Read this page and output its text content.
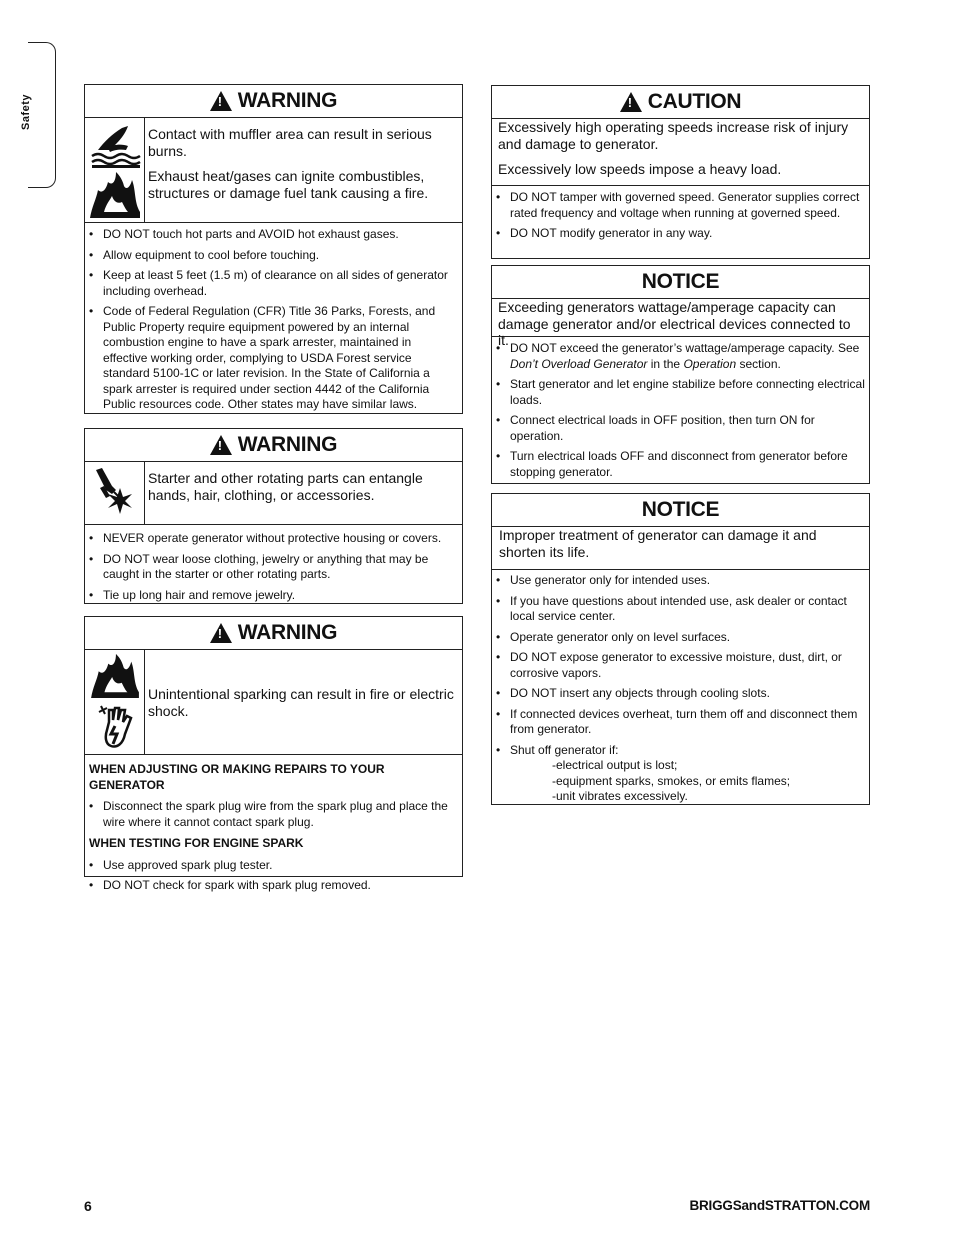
Safety !	WARNING

Contact with muffler area can result in serious burns.

Exhaust heat/gases can ignite combustibles, structures or damage fuel tank causing a fire.

• DO NOT touch hot parts and AVOID hot exhaust gases.
• Allow equipment to cool before touching.
• Keep at least 5 feet (1.5 m) of clearance on all sides of generator including overhead.
• Code of Federal Regulation (CFR) Title 36 Parks, Forests, and Public Property require equipment powered by an internal combustion engine to have a spark arrester, maintained in effective working order, complying to USDA Forest service standard 5100-1C or later revision. In the State of California a spark arrester is required under section 4442 of the California Public resources code. Other states may have similar laws.
!
WARNING

Starter and other rotating parts can entangle hands, hair, clothing, or accessories.

• NEVER operate generator without protective housing or covers.
• DO NOT wear loose clothing, jewelry or anything that may be caught in the starter or other rotating parts.
• Tie up long hair and remove jewelry.
!
WARNING

Unintentional sparking can result in fire or electric shock.

WHEN ADJUSTING OR MAKING REPAIRS TO YOUR GENERATOR
• Disconnect the spark plug wire from the spark plug and place the wire where it cannot contact spark plug.
WHEN TESTING FOR ENGINE SPARK
• Use approved spark plug tester.
• DO NOT check for spark with spark plug removed.
!
CAUTION

Excessively high operating speeds increase risk of injury and damage to generator.

Excessively low speeds impose a heavy load.

• DO NOT tamper with governed speed. Generator supplies correct rated frequency and voltage when running at governed speed.
• DO NOT modify generator in any way.
NOTICE

Exceeding generators wattage/amperage capacity can damage generator and/or electrical devices connected to it. • DO NOT exceed the generator’s wattage/amperage capacity. See Don’t Overload Generator in the Operation section.
• Start generator and let engine stabilize before connecting electrical loads.
• Connect electrical loads in OFF position, then turn ON for operation.
• Turn electrical loads OFF and disconnect from generator before stopping generator.
NOTICE

Improper treatment of generator can damage it and shorten its life.

• Use generator only for intended uses.
• If you have questions about intended use, ask dealer or contact local service center.
• Operate generator only on level surfaces.
• DO NOT expose generator to excessive moisture, dust, dirt, or corrosive vapors.
• DO NOT insert any objects through cooling slots.
• If connected devices overheat, turn them off and disconnect them from generator.
• Shut off generator if:
-electrical output is lost;
-equipment sparks, smokes, or emits flames;
-unit vibrates excessively.
6	BRIGGSandSTRATTON.COM
